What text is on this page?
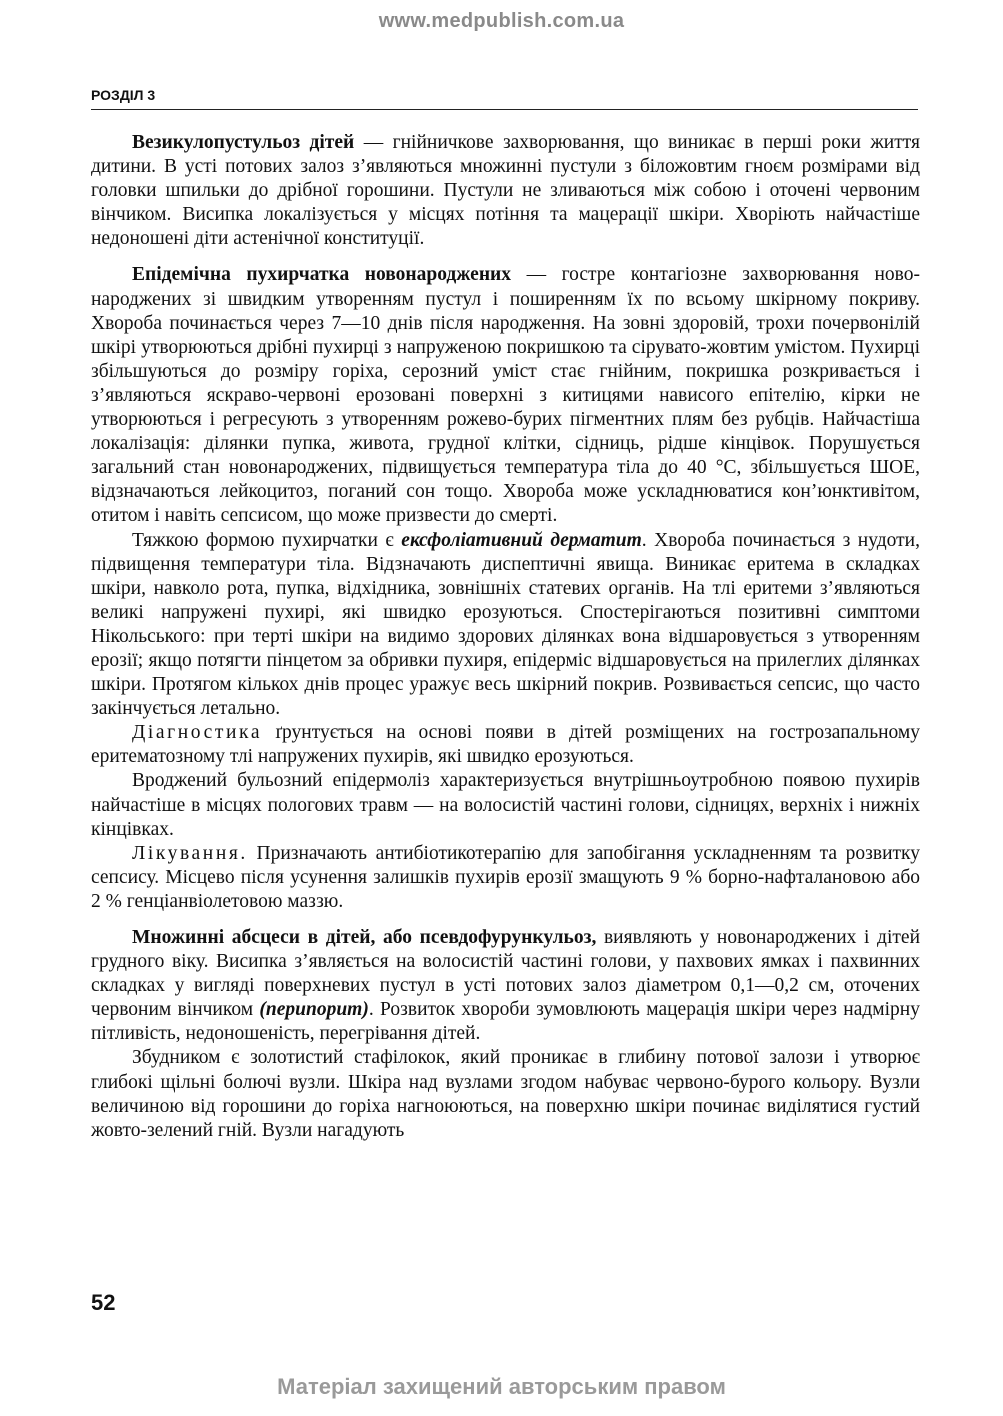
www.medpublish.com.ua
РОЗДІЛ 3

Везикулопустульоз дітей — гнійничкове захворювання, що виникає в перші роки життя дитини. В усті потових залоз з’являються множинні пустули з біложовтим гноєм розмірами від головки шпильки до дрібної горошини. Пустули не зливаються між собою і оточені червоним вінчиком. Висипка локалізується у місцях потіння та мацерації шкіри. Хворіють найчастіше недоношені діти астенічної конституції.

Епідемічна пухирчатка новонароджених — гостре контагіозне захворювання новонароджених зі швидким утворенням пустул і поширенням їх по всьому шкірному покриву. Хвороба починається через 7—10 днів після народження. На зовні здоровій, трохи почервонілій шкірі утворюються дрібні пухирці з напруженою покришкою та сірувато-жовтим умістом. Пухирці збільшуються до розміру горіха, серозний уміст стає гнійним, покришка розкривається і з’являються яскраво-червоні ерозовані поверхні з китицями нависого епітелію, кірки не утворюються і регресують з утворенням рожево-бурих пігментних плям без рубців. Найчастіша локалізація: ділянки пупка, живота, грудної клітки, сідниць, рідше кінцівок. Порушується загальний стан новонароджених, підвищується температура тіла до 40 °С, збільшується ШОЕ, відзначаються лейкоцитоз, поганий сон тощо. Хвороба може ускладнюватися кон’юнктивітом, отитом і навіть сепсисом, що може призвести до смерті.

Тяжкою формою пухирчатки є ексфоліативний дерматит. Хвороба починається з нудоти, підвищення температури тіла. Відзначають диспептичні явища. Виникає еритема в складках шкіри, навколо рота, пупка, відхідника, зовнішніх статевих органів. На тлі еритеми з’являються великі напружені пухирі, які швидко ерозуються. Спостерігаються позитивні симптоми Нікольського: при терті шкіри на видимо здорових ділянках вона відшаровується з утворенням ерозії; якщо потягти пінцетом за обривки пухиря, епідерміс відшаровується на прилеглих ділянках шкіри. Протягом кількох днів процес уражує весь шкірний покрив. Розвивається сепсис, що часто закінчується летально.

Діагностика ґрунтується на основі появи в дітей розміщених на гострозапальному еритематозному тлі напружених пухирів, які швидко ерозуються.

Вроджений бульозний епідермоліз характеризується внутрішньоутробною появою пухирів найчастіше в місцях пологових травм — на волосистій частині голови, сідницях, верхніх і нижніх кінцівках.

Лікування. Призначають антибіотикотерапію для запобігання ускладненням та розвитку сепсису. Місцево після усунення залишків пухирів ерозії змащують 9 % борно-нафталановою або 2 % генціанвіолетовою маззю.

Множинні абсцеси в дітей, або псевдофурункульоз, виявляють у новонароджених і дітей грудного віку. Висипка з’являється на волосистій частині голови, у пахвових ямках і пахвинних складках у вигляді поверхневих пустул в усті потових залоз діаметром 0,1—0,2 см, оточених червоним вінчиком (перипорит). Розвиток хвороби зумовлюють мацерація шкіри через надмірну пітливість, недоношеність, перегрівання дітей.

Збудником є золотистий стафілокок, який проникає в глибину потової залози і утворює глибокі щільні болючі вузли. Шкіра над вузлами згодом набуває червоно-бурого кольору. Вузли величиною від горошини до горіха нагноюються, на поверхню шкіри починає виділятися густий жовто-зелений гній. Вузли нагадують

52
Матеріал захищений авторським правом
